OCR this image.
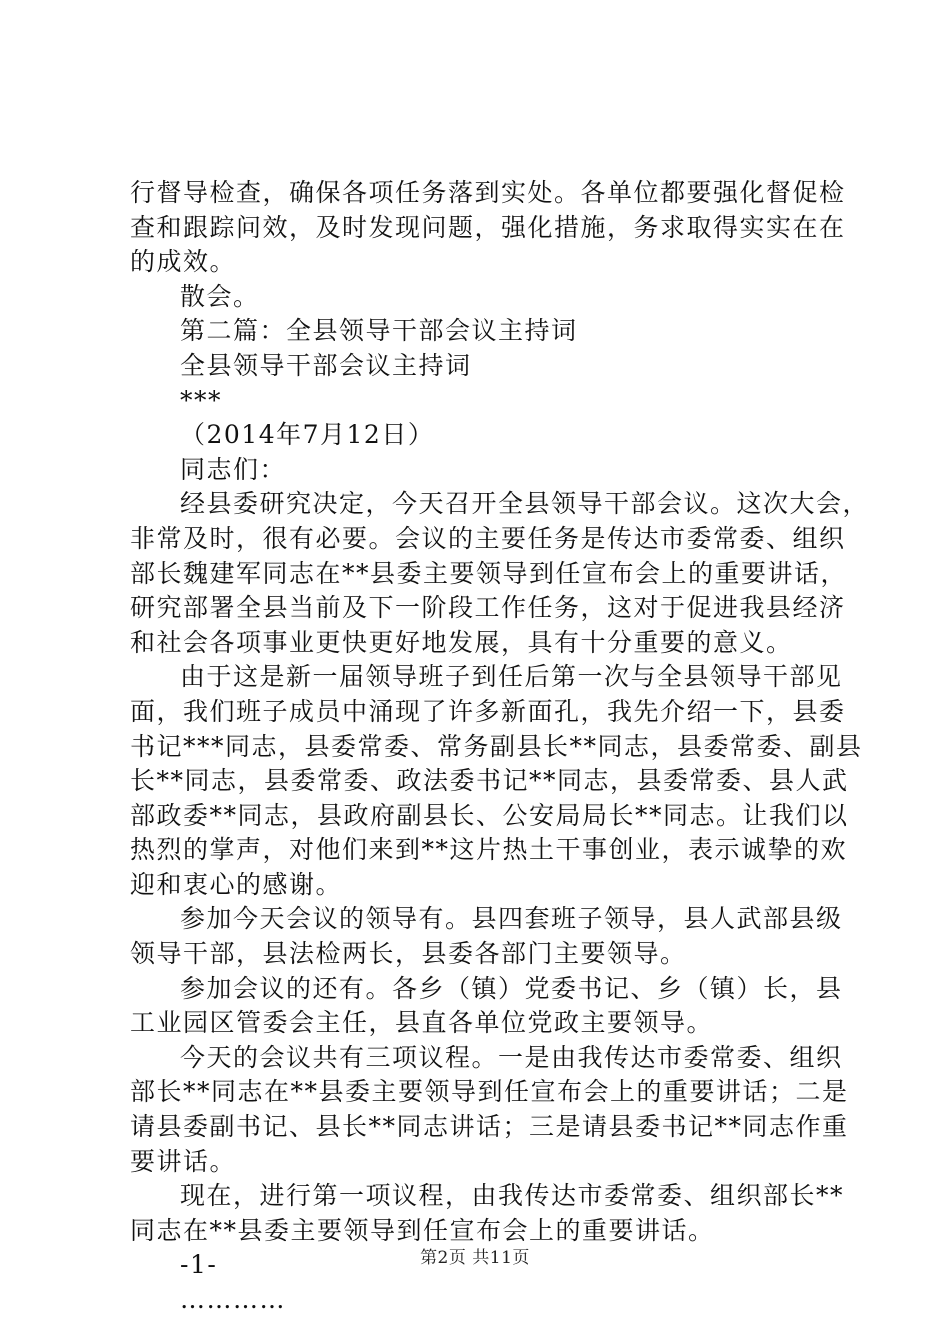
行督导检查，确保各项任务落到实处。各单位都要强化督促检
查和跟踪问效，及时发现问题，强化措施，务求取得实实在在
的成效。
散会。
第二篇：全县领导干部会议主持词
全县领导干部会议主持词
***
（2014年7月12日）
同志们：
经县委研究决定，今天召开全县领导干部会议。这次大会，
非常及时，很有必要。会议的主要任务是传达市委常委、组织
部长魏建军同志在**县委主要领导到任宣布会上的重要讲话，
研究部署全县当前及下一阶段工作任务，这对于促进我县经济
和社会各项事业更快更好地发展，具有十分重要的意义。
由于这是新一届领导班子到任后第一次与全县领导干部见
面，我们班子成员中涌现了许多新面孔，我先介绍一下，县委
书记***同志，县委常委、常务副县长**同志，县委常委、副县
长**同志，县委常委、政法委书记**同志，县委常委、县人武
部政委**同志，县政府副县长、公安局局长**同志。让我们以
热烈的掌声，对他们来到**这片热土干事创业，表示诚挚的欢
迎和衷心的感谢。
参加今天会议的领导有。县四套班子领导，县人武部县级
领导干部，县法检两长，县委各部门主要领导。
参加会议的还有。各乡（镇）党委书记、乡（镇）长，县
工业园区管委会主任，县直各单位党政主要领导。
今天的会议共有三项议程。一是由我传达市委常委、组织
部长**同志在**县委主要领导到任宣布会上的重要讲话；二是
请县委副书记、县长**同志讲话；三是请县委书记**同志作重
要讲话。
现在，进行第一项议程，由我传达市委常委、组织部长**
同志在**县委主要领导到任宣布会上的重要讲话。
-1-
…………
第2页 共11页
